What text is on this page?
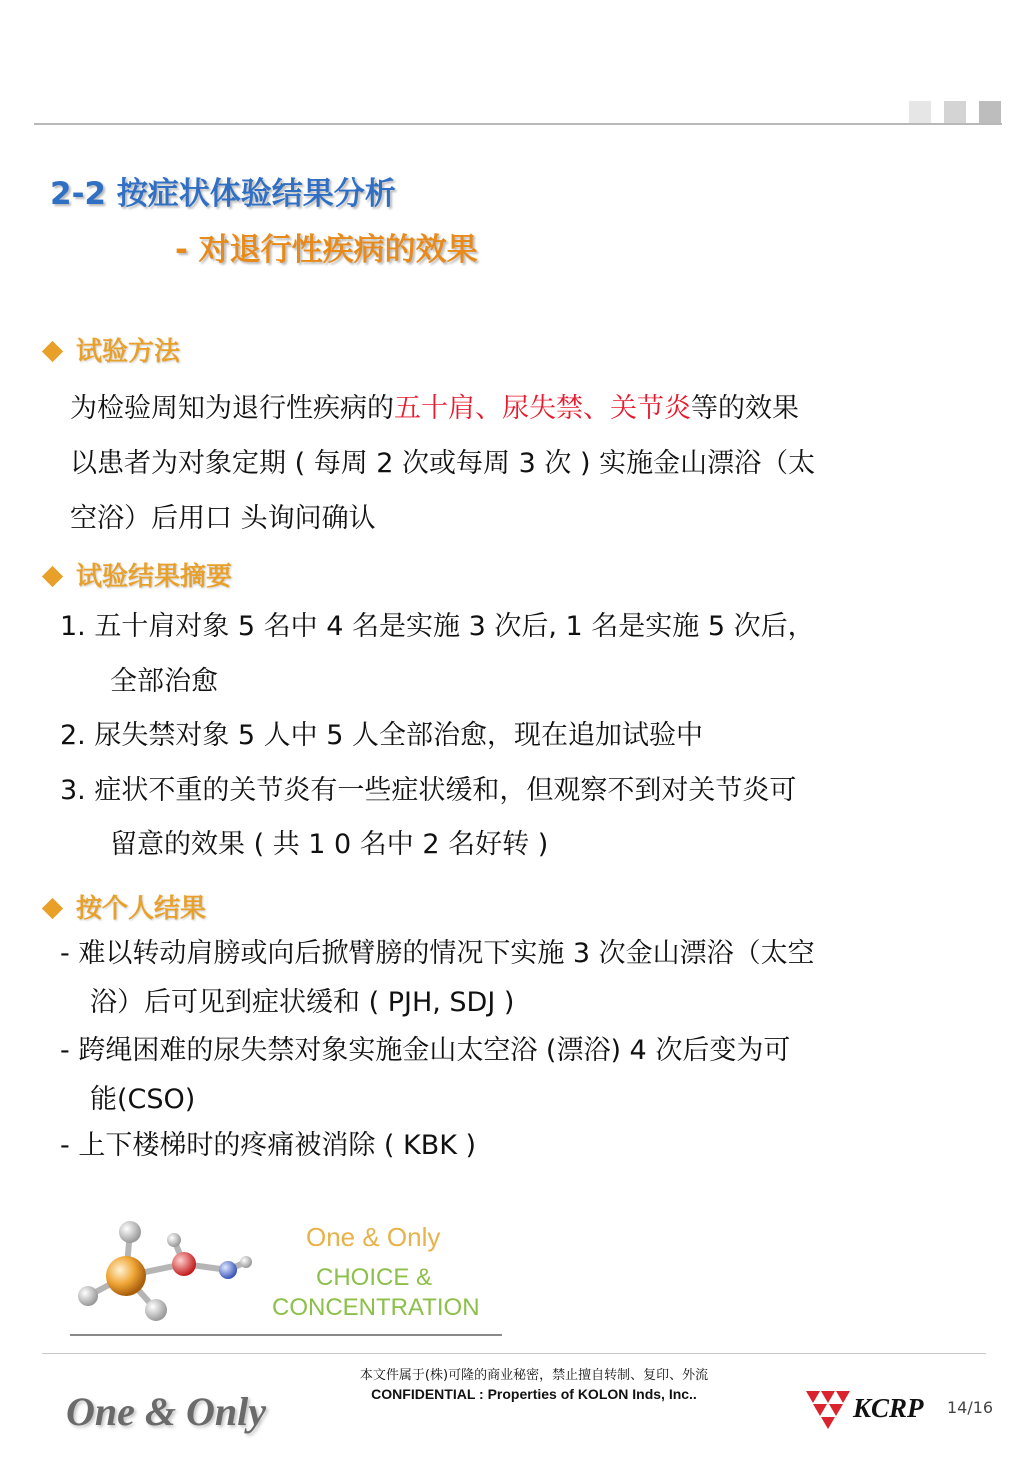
2-2 按症状体验结果分析
- 对退行性疾病的效果
试验方法
为检验周知为退行性疾病的五十肩、尿失禁、关节炎等的效果
以患者为对象定期 ( 每周 2 次或每周 3 次 ) 实施金山漂浴（太
空浴）后用口 头询问确认
试验结果摘要
1. 五十肩对象 5 名中 4 名是实施 3 次后, 1 名是实施 5 次后，
全部治愈
2. 尿失禁对象 5 人中 5 人全部治愈，现在追加试验中
3. 症状不重的关节炎有一些症状缓和，但观察不到对关节炎可
留意的效果 ( 共 1 0 名中 2 名好转 )
按个人结果
- 难以转动肩膀或向后掀臂膀的情况下实施 3 次金山漂浴（太空
浴）后可见到症状缓和 ( PJH, SDJ )
- 跨绳困难的尿失禁对象实施金山太空浴 (漂浴) 4 次后变为可
能(CSO)
- 上下楼梯时的疼痛被消除 ( KBK )
One & Only
CHOICE &
CONCENTRATION
本文件属于(株)可隆的商业秘密，禁止擅自转制、复印、外流
CONFIDENTIAL : Properties of KOLON Inds, Inc..
One & Only	KCRP 14/16
